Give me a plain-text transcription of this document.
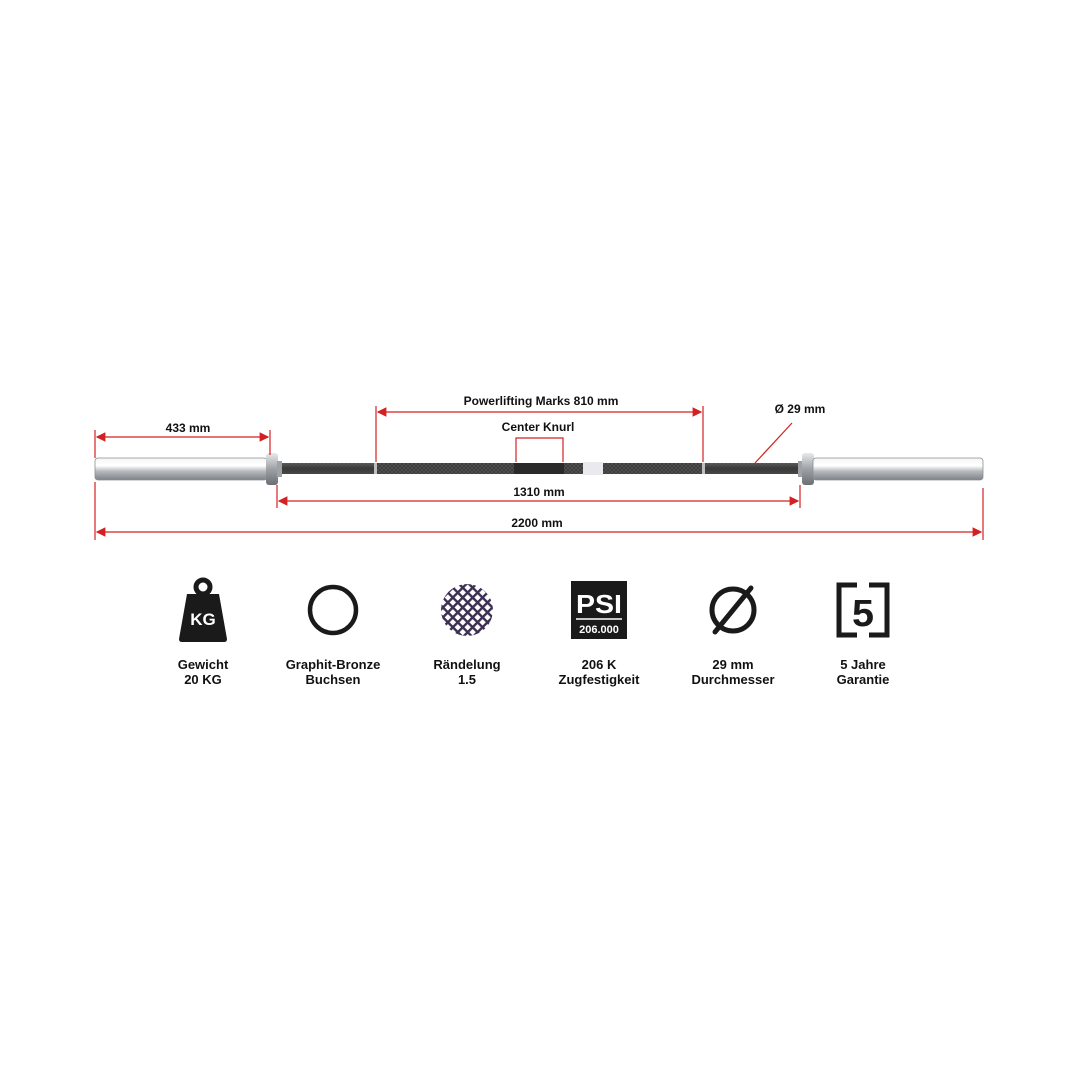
433 mm
Powerlifting Marks 810 mm
Center Knurl
Ø 29 mm
1310 mm
2200 mm
KG
Gewicht
20 KG
Graphit-Bronze
Buchsen
Rändelung
1.5
PSI
206.000
206 K
Zugfestigkeit
29 mm
Durchmesser
5
5 Jahre
Garantie
